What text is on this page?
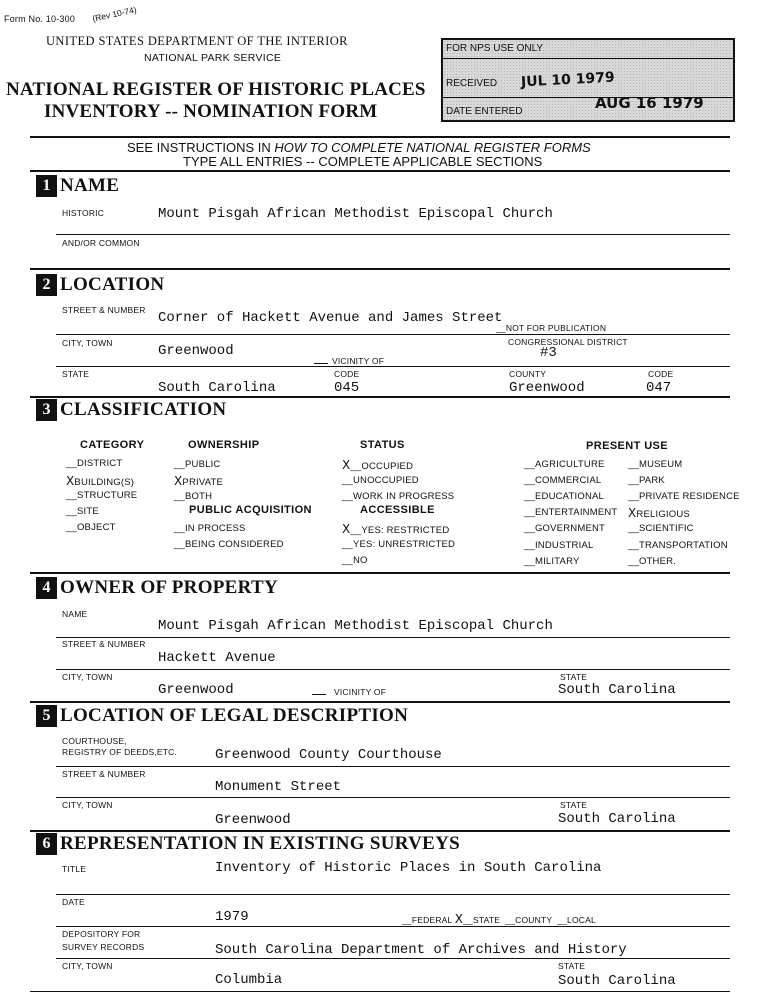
Form No. 10-300 (Rev 10-74)
UNITED STATES DEPARTMENT OF THE INTERIOR
NATIONAL PARK SERVICE
NATIONAL REGISTER OF HISTORIC PLACES
INVENTORY -- NOMINATION FORM
FOR NPS USE ONLY
RECEIVED JUL 10 1979
DATE ENTERED	AUG 16 1979
SEE INSTRUCTIONS IN HOW TO COMPLETE NATIONAL REGISTER FORMS
TYPE ALL ENTRIES -- COMPLETE APPLICABLE SECTIONS
1 NAME
HISTORIC	Mount Pisgah African Methodist Episcopal Church
AND/OR COMMON
2 LOCATION
STREET & NUMBER Corner of Hackett Avenue and James Street
__NOT FOR PUBLICATION
CITY, TOWN	Greenwood
VICINITY OF
CONGRESSIONAL DISTRICT
#3
STATE
South Carolina
CODE
045
COUNTY
Greenwood
CODE
047
3 CLASSIFICATION
CATEGORY
__DISTRICT
XBUILDING(S)
__STRUCTURE
__SITE
__OBJECT
OWNERSHIP
__PUBLIC
XPRIVATE
__BOTH
PUBLIC ACQUISITION
__IN PROCESS
__BEING CONSIDERED
STATUS
X__OCCUPIED
__UNOCCUPIED
__WORK IN PROGRESS
ACCESSIBLE
X__YES: RESTRICTED
__YES: UNRESTRICTED
__NO
PRESENT USE
__AGRICULTURE
__COMMERCIAL
__EDUCATIONAL
__ENTERTAINMENT
__GOVERNMENT
__INDUSTRIAL
__MILITARY
__MUSEUM
__PARK
__PRIVATE RESIDENCE
XRELIGIOUS
__SCIENTIFIC
__TRANSPORTATION
__OTHER.
4 OWNER OF PROPERTY
NAME
Mount Pisgah African Methodist Episcopal Church
STREET & NUMBER
Hackett Avenue
CITY, TOWN
Greenwood	VICINITY OF
STATE
South Carolina
5 LOCATION OF LEGAL DESCRIPTION
COURTHOUSE,
REGISTRY OF DEEDS,ETC.	Greenwood County Courthouse
STREET & NUMBER
Monument Street
CITY, TOWN
Greenwood
STATE
South Carolina
6 REPRESENTATION IN EXISTING SURVEYS
TITLE	Inventory of Historic Places in South Carolina
DATE
1979	__FEDERAL X__STATE __COUNTY __LOCAL
DEPOSITORY FOR
SURVEY RECORDS	South Carolina Department of Archives and History
CITY, TOWN
Columbia
STATE
South Carolina
